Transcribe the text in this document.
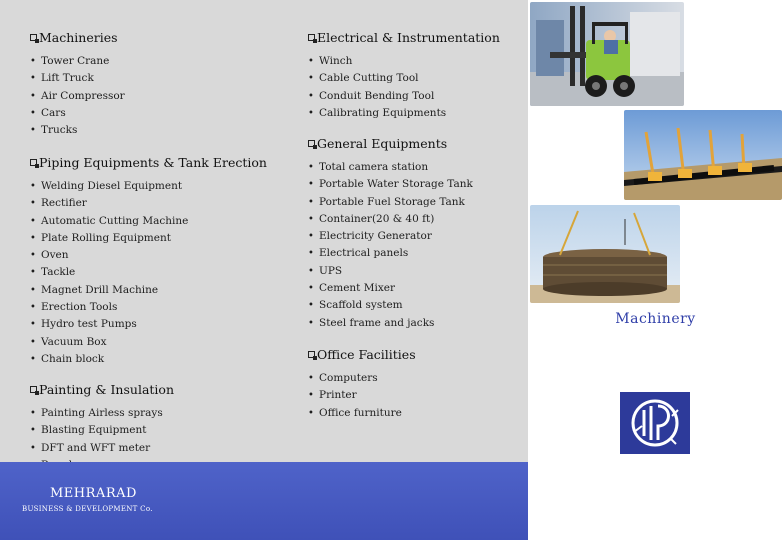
Machineries
• Tower Crane
• Lift Truck
• Air Compressor
• Cars
• Trucks
Piping Equipments & Tank Erection
• Welding Diesel Equipment
• Rectifier
• Automatic Cutting Machine
• Plate Rolling Equipment
• Oven
• Tackle
• Magnet Drill Machine
• Erection Tools
• Hydro test Pumps
• Vacuum Box
• Chain block
Painting & Insulation
• Painting Airless sprays
• Blasting Equipment
• DFT and WFT meter
•
Electrical & Instrumentation
• Winch
• Cable Cutting Tool
• Conduit Bending Tool
• Calibrating Equipments
General Equipments
• Total camera station
• Portable Water Storage Tank
• Portable Fuel Storage Tank
• Container(20 & 40 ft)
• Electricity Generator
• Electrical panels
• UPS
• Cement Mixer
• Scaffold system
• Steel frame and jacks
Office Facilities
• Computers
• Printer
• Office furniture
MEHRARAD
BUSINESS & DEVELOPMENT Co.
Machinery
